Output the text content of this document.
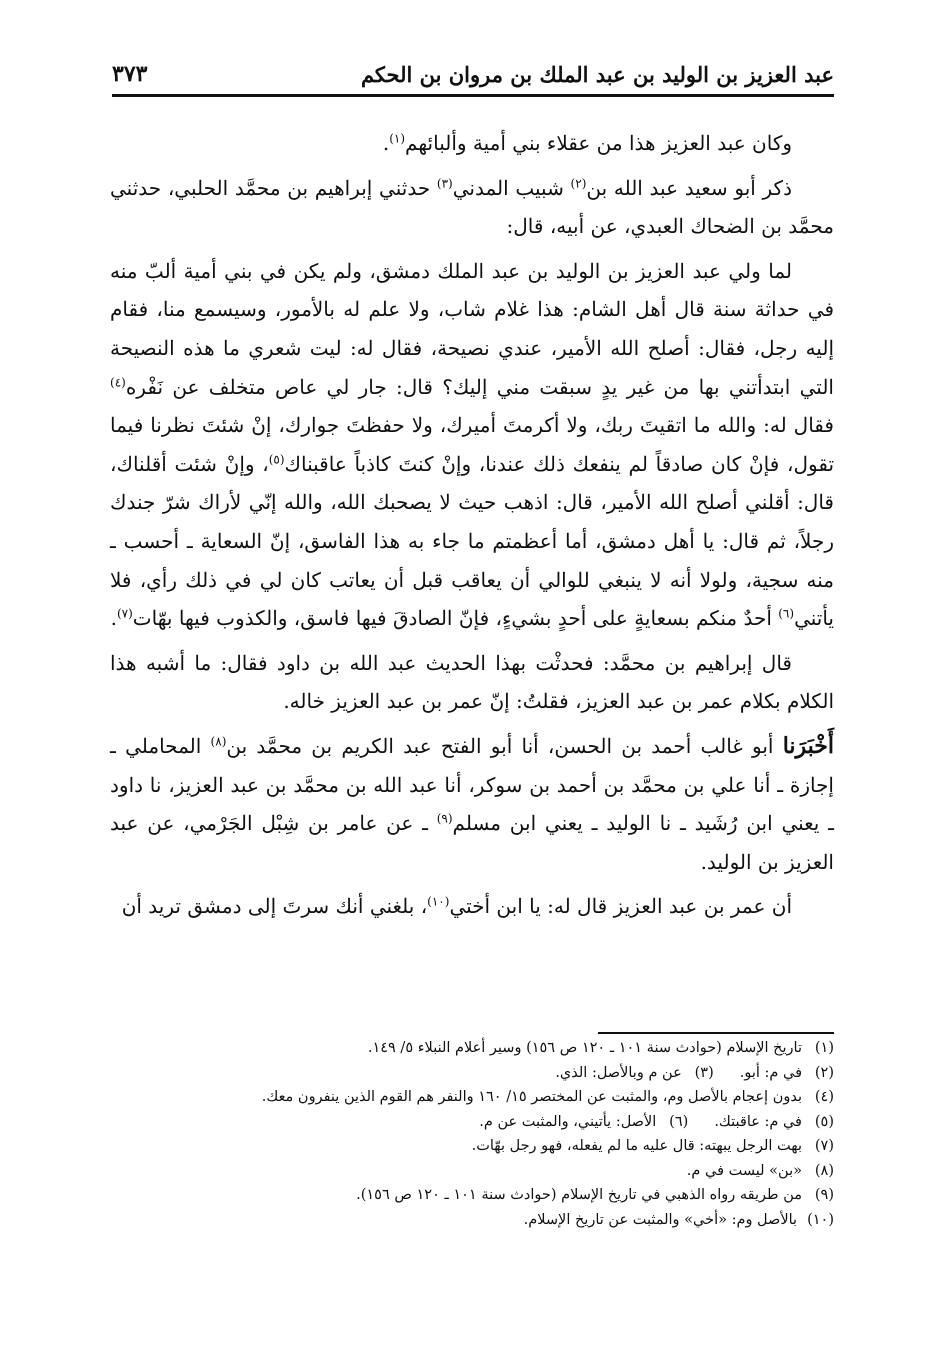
عبد العزيز بن الوليد بن عبد الملك بن مروان بن الحكم
٣٧٣

وكان عبد العزيز هذا من عقلاء بني أمية وألبائهم$^{(١)}$.

ذكر أبو سعيد عبد الله بن$^{(٢)}$ شبيب المدني$^{(٣)}$ حدثني إبراهيم بن محمَّد الحلبي، حدثني محمَّد بن الضحاك العبدي، عن أبيه، قال:

لما ولي عبد العزيز بن الوليد بن عبد الملك دمشق، ولم يكن في بني أمية ألبّ منه في حداثة سنة قال أهل الشام: هذا غلام شاب، ولا علم له بالأمور، وسيسمع منا، فقام إليه رجل، فقال: أصلح الله الأمير، عندي نصيحة، فقال له: ليت شعري ما هذه النصيحة التي ابتدأتني بها من غير يدٍ سبقت مني إليك؟ قال: جار لي عاص متخلف عن نَفْره$^{(٤)}$ فقال له: والله ما اتقيتَ ربك، ولا أكرمتَ أميرك، ولا حفظتَ جوارك، إنْ شئتَ نظرنا فيما تقول، فإنْ كان صادقاً لم ينفعك ذلك عندنا، وإنْ كنتَ كاذباً عاقبناك$^{(٥)}$، وإنْ شئت أقلناك، قال: أقلني أصلح الله الأمير، قال: اذهب حيث لا يصحبك الله، والله إنّي لأراك شرّ جندك رجلاً، ثم قال: يا أهل دمشق، أما أعظمتم ما جاء به هذا الفاسق، إنّ السعاية ـ أحسب ـ منه سجية، ولولا أنه لا ينبغي للوالي أن يعاقب قبل أن يعاتب كان لي في ذلك رأي، فلا يأتني$^{(٦)}$ أحدٌ منكم بسعايةٍ على أحدٍ بشيءٍ، فإنّ الصادقَ فيها فاسق، والكذوب فيها بهّات$^{(٧)}$.

قال إبراهيم بن محمَّد: فحدثْت بهذا الحديث عبد الله بن داود فقال: ما أشبه هذا الكلام بكلام عمر بن عبد العزيز، فقلتُ: إنّ عمر بن عبد العزيز خاله.

أَخْبَرَنا أبو غالب أحمد بن الحسن، أنا أبو الفتح عبد الكريم بن محمَّد بن$^{(٨)}$ المحاملي ـ إجازة ـ أنا علي بن محمَّد بن أحمد بن سوكر، أنا عبد الله بن محمَّد بن عبد العزيز، نا داود ـ يعني ابن رُشَيد ـ نا الوليد ـ يعني ابن مسلم$^{(٩)}$ ـ عن عامر بن شِبْل الجَرْمي، عن عبد العزيز بن الوليد.

أن عمر بن عبد العزيز قال له: يا ابن أختي$^{(١٠)}$، بلغني أنك سرتَ إلى دمشق تريد أن

(١)
تاريخ الإسلام (حوادث سنة ١٠١ ـ ١٢٠ ص ١٥٦) وسير أعلام النبلاء ٥/ ١٤٩.
(٢)
في م: أبو.
(٣)
عن م وبالأصل: الذي.
(٤)
بدون إعجام بالأصل وم، والمثبت عن المختصر ١٥/ ١٦٠ والنفر هم القوم الذين ينفرون معك.
(٥)
في م: عاقبتك.
(٦)
الأصل: يأتيني، والمثبت عن م.
(٧)
بهت الرجل يبهته: قال عليه ما لم يفعله، فهو رجل بهّات.
(٨)
«بن» ليست في م.
(٩)
من طريقه رواه الذهبي في تاريخ الإسلام (حوادث سنة ١٠١ ـ ١٢٠ ص ١٥٦).
(١٠)
بالأصل وم: «أخي» والمثبت عن تاريخ الإسلام.
